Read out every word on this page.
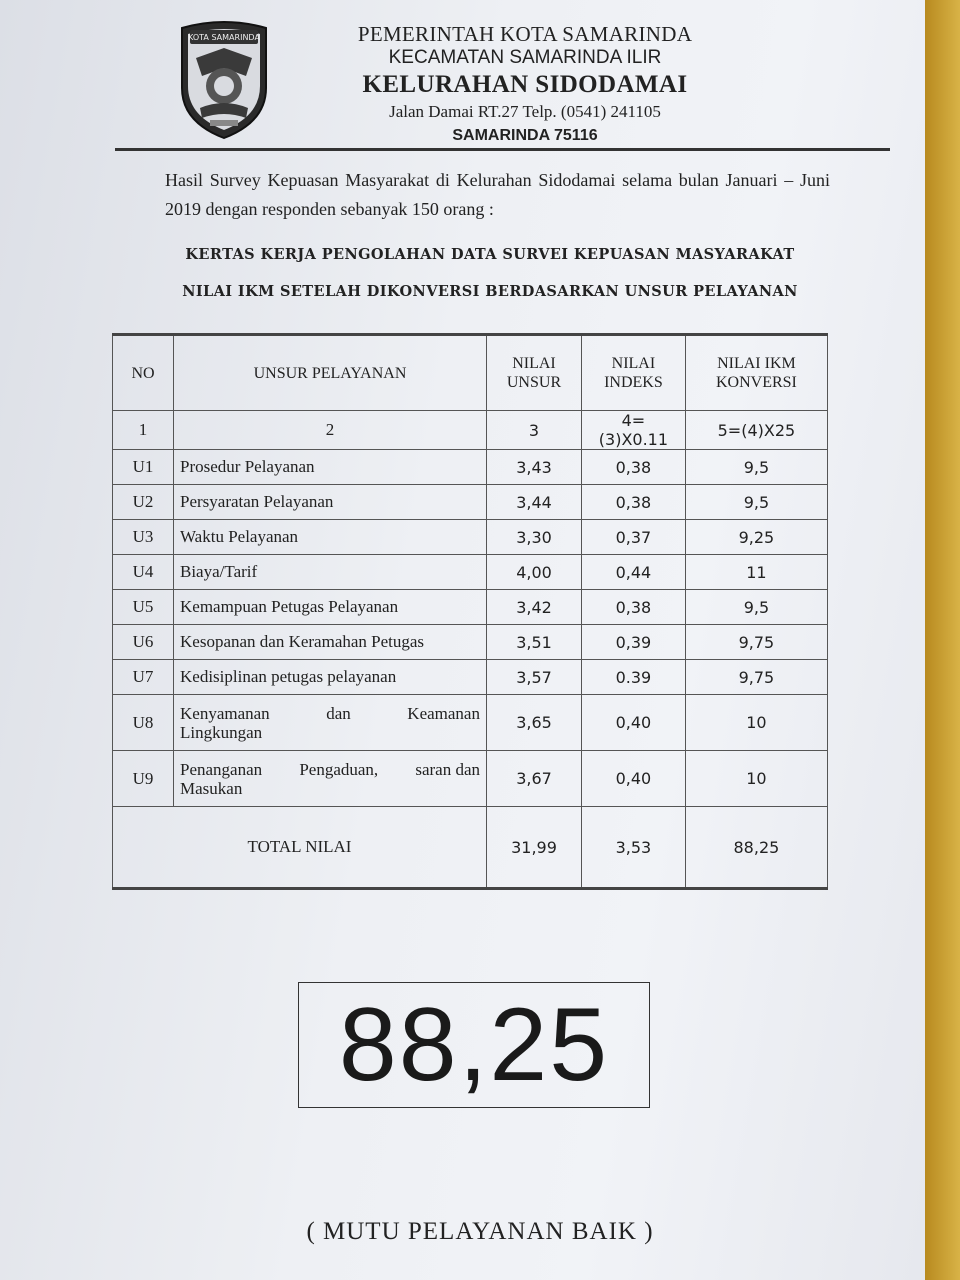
KOTA SAMARINDA	PEMERINTAH KOTA SAMARINDA
KECAMATAN SAMARINDA ILIR
KELURAHAN SIDODAMAI
Jalan Damai RT.27 Telp. (0541) 241105
SAMARINDA 75116
Hasil Survey Kepuasan Masyarakat di Kelurahan Sidodamai selama bulan Januari – Juni 2019 dengan responden sebanyak 150 orang :
KERTAS KERJA PENGOLAHAN DATA SURVEI KEPUASAN MASYARAKAT
NILAI IKM SETELAH DIKONVERSI BERDASARKAN UNSUR PELAYANAN
NO	UNSUR PELAYANAN	NILAI UNSUR	NILAI INDEKS	NILAI IKM KONVERSI
1	2	3	4=(3)X0.11	5=(4)X25
U1	Prosedur Pelayanan	3,43	0,38	9,5
U2	Persyaratan Pelayanan	3,44	0,38	9,5
U3	Waktu Pelayanan	3,30	0,37	9,25
U4	Biaya/Tarif	4,00	0,44	11
U5	Kemampuan Petugas Pelayanan	3,42	0,38	9,5
U6	Kesopanan dan Keramahan Petugas	3,51	0,39	9,75
U7	Kedisiplinan petugas pelayanan	3,57	0.39	9,75
U8	Kenyamanan dan Keamanan
Lingkungan	3,65	0,40	10
U9	Penanganan Pengaduan, saran dan
Masukan	3,67	0,40	10
TOTAL NILAI		31,99	3,53	88,25
88,25
( MUTU PELAYANAN BAIK )
